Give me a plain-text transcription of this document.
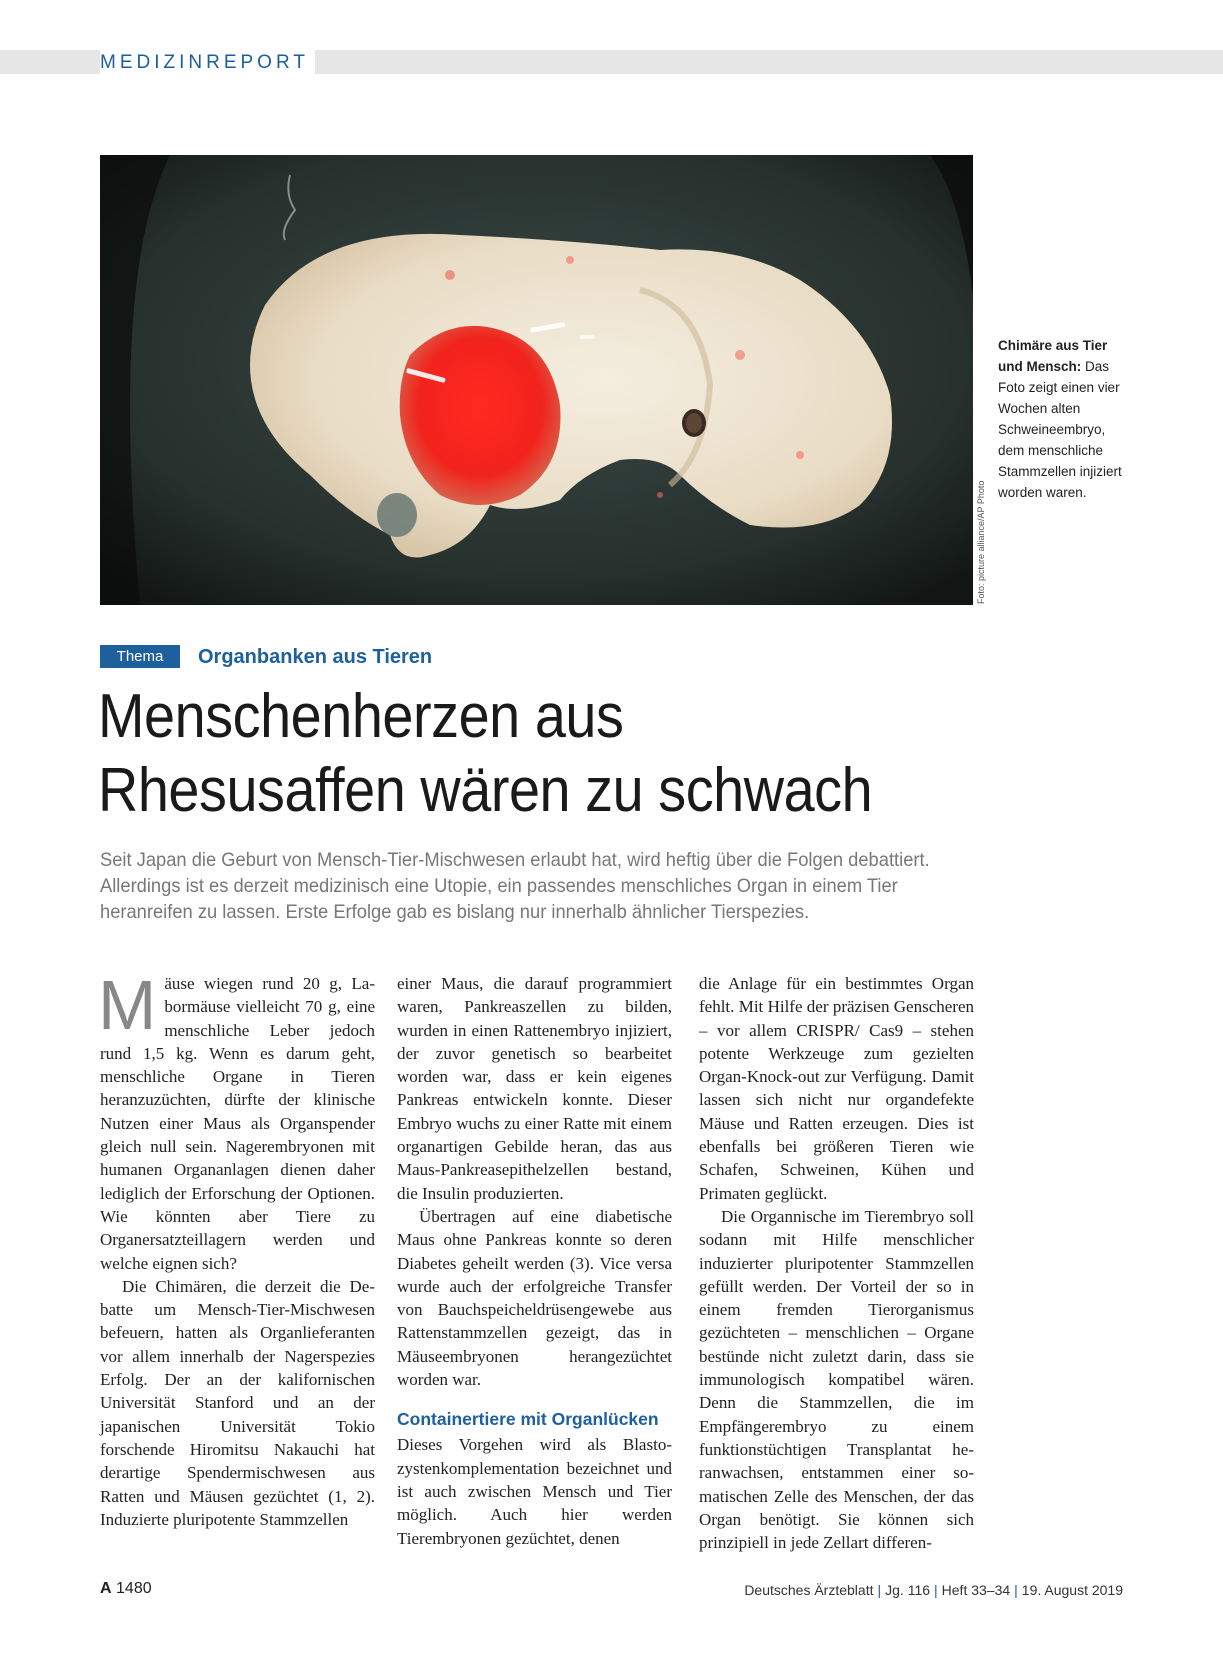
MEDIZINREPORT
Foto: picture alliance/AP Photo
Chimäre aus Tier und Mensch: Das Foto zeigt einen vier Wochen alten Schweineembryo, dem menschliche Stammzellen injiziert worden waren.
Thema	Organbanken aus Tieren
Menschenherzen aus
Rhesusaffen wären zu schwach

Seit Japan die Geburt von Mensch-Tier-Mischwesen erlaubt hat, wird heftig über die Folgen debattiert. Allerdings ist es derzeit medizinisch eine Utopie, ein passendes menschliches Organ in einem Tier heranreifen zu lassen. Erste Erfolge gab es bislang nur innerhalb ähnlicher Tierspezies.

Mäuse wiegen rund 20 g, Labormäuse vielleicht 70 g, eine menschliche Leber jedoch rund 1,5 kg. Wenn es darum geht, menschliche Organe in Tieren heranzuzüchten, dürfte der klinische Nutzen einer Maus als Organspender gleich null sein. Nagerembryonen mit humanen Organanlagen dienen daher lediglich der Erforschung der Optionen. Wie könnten aber Tiere zu Organersatzteillagern werden und welche eignen sich?

Die Chimären, die derzeit die Debatte um Mensch-Tier-Mischwesen befeuern, hatten als Organlieferanten vor allem innerhalb der Nagerspezies Erfolg. Der an der kalifornischen Universität Stanford und an der japanischen Universität Tokio forschende Hiromitsu Nakauchi hat derartige Spendermischwesen aus Ratten und Mäusen gezüchtet (1, 2). Induzierte pluripotente Stammzellen

einer Maus, die darauf programmiert waren, Pankreaszellen zu bilden, wurden in einen Rattenembryo injiziert, der zuvor genetisch so bearbeitet worden war, dass er kein eigenes Pankreas entwickeln konnte. Dieser Embryo wuchs zu einer Ratte mit einem organartigen Gebilde heran, das aus Maus-Pankreasepithelzellen bestand, die Insulin produzierten.

Übertragen auf eine diabetische Maus ohne Pankreas konnte so deren Diabetes geheilt werden (3). Vice versa wurde auch der erfolgreiche Transfer von Bauchspeicheldrüsengewebe aus Rattenstammzellen gezeigt, das in Mäuseembryonen herangezüchtet worden war.

Containertiere mit Organlücken

Dieses Vorgehen wird als Blastozystenkomplementation bezeichnet und ist auch zwischen Mensch und Tier möglich. Auch hier werden Tierembryonen gezüchtet, denen

die Anlage für ein bestimmtes Organ fehlt. Mit Hilfe der präzisen Genscheren – vor allem CRISPR/ Cas9 – stehen potente Werkzeuge zum gezielten Organ-Knock-out zur Verfügung. Damit lassen sich nicht nur organdefekte Mäuse und Ratten erzeugen. Dies ist ebenfalls bei größeren Tieren wie Schafen, Schweinen, Kühen und Primaten geglückt.

Die Organnische im Tierembryo soll sodann mit Hilfe menschlicher induzierter pluripotenter Stammzellen gefüllt werden. Der Vorteil der so in einem fremden Tierorganismus gezüchteten – menschlichen – Organe bestünde nicht zuletzt darin, dass sie immunologisch kompatibel wären. Denn die Stammzellen, die im Empfängerembryo zu einem funktionstüchtigen Transplantat heranwachsen, entstammen einer somatischen Zelle des Menschen, der das Organ benötigt. Sie können sich prinzipiell in jede Zellart differen-

A 1480	Deutsches Ärzteblatt | Jg. 116 | Heft 33–34 | 19. August 2019
